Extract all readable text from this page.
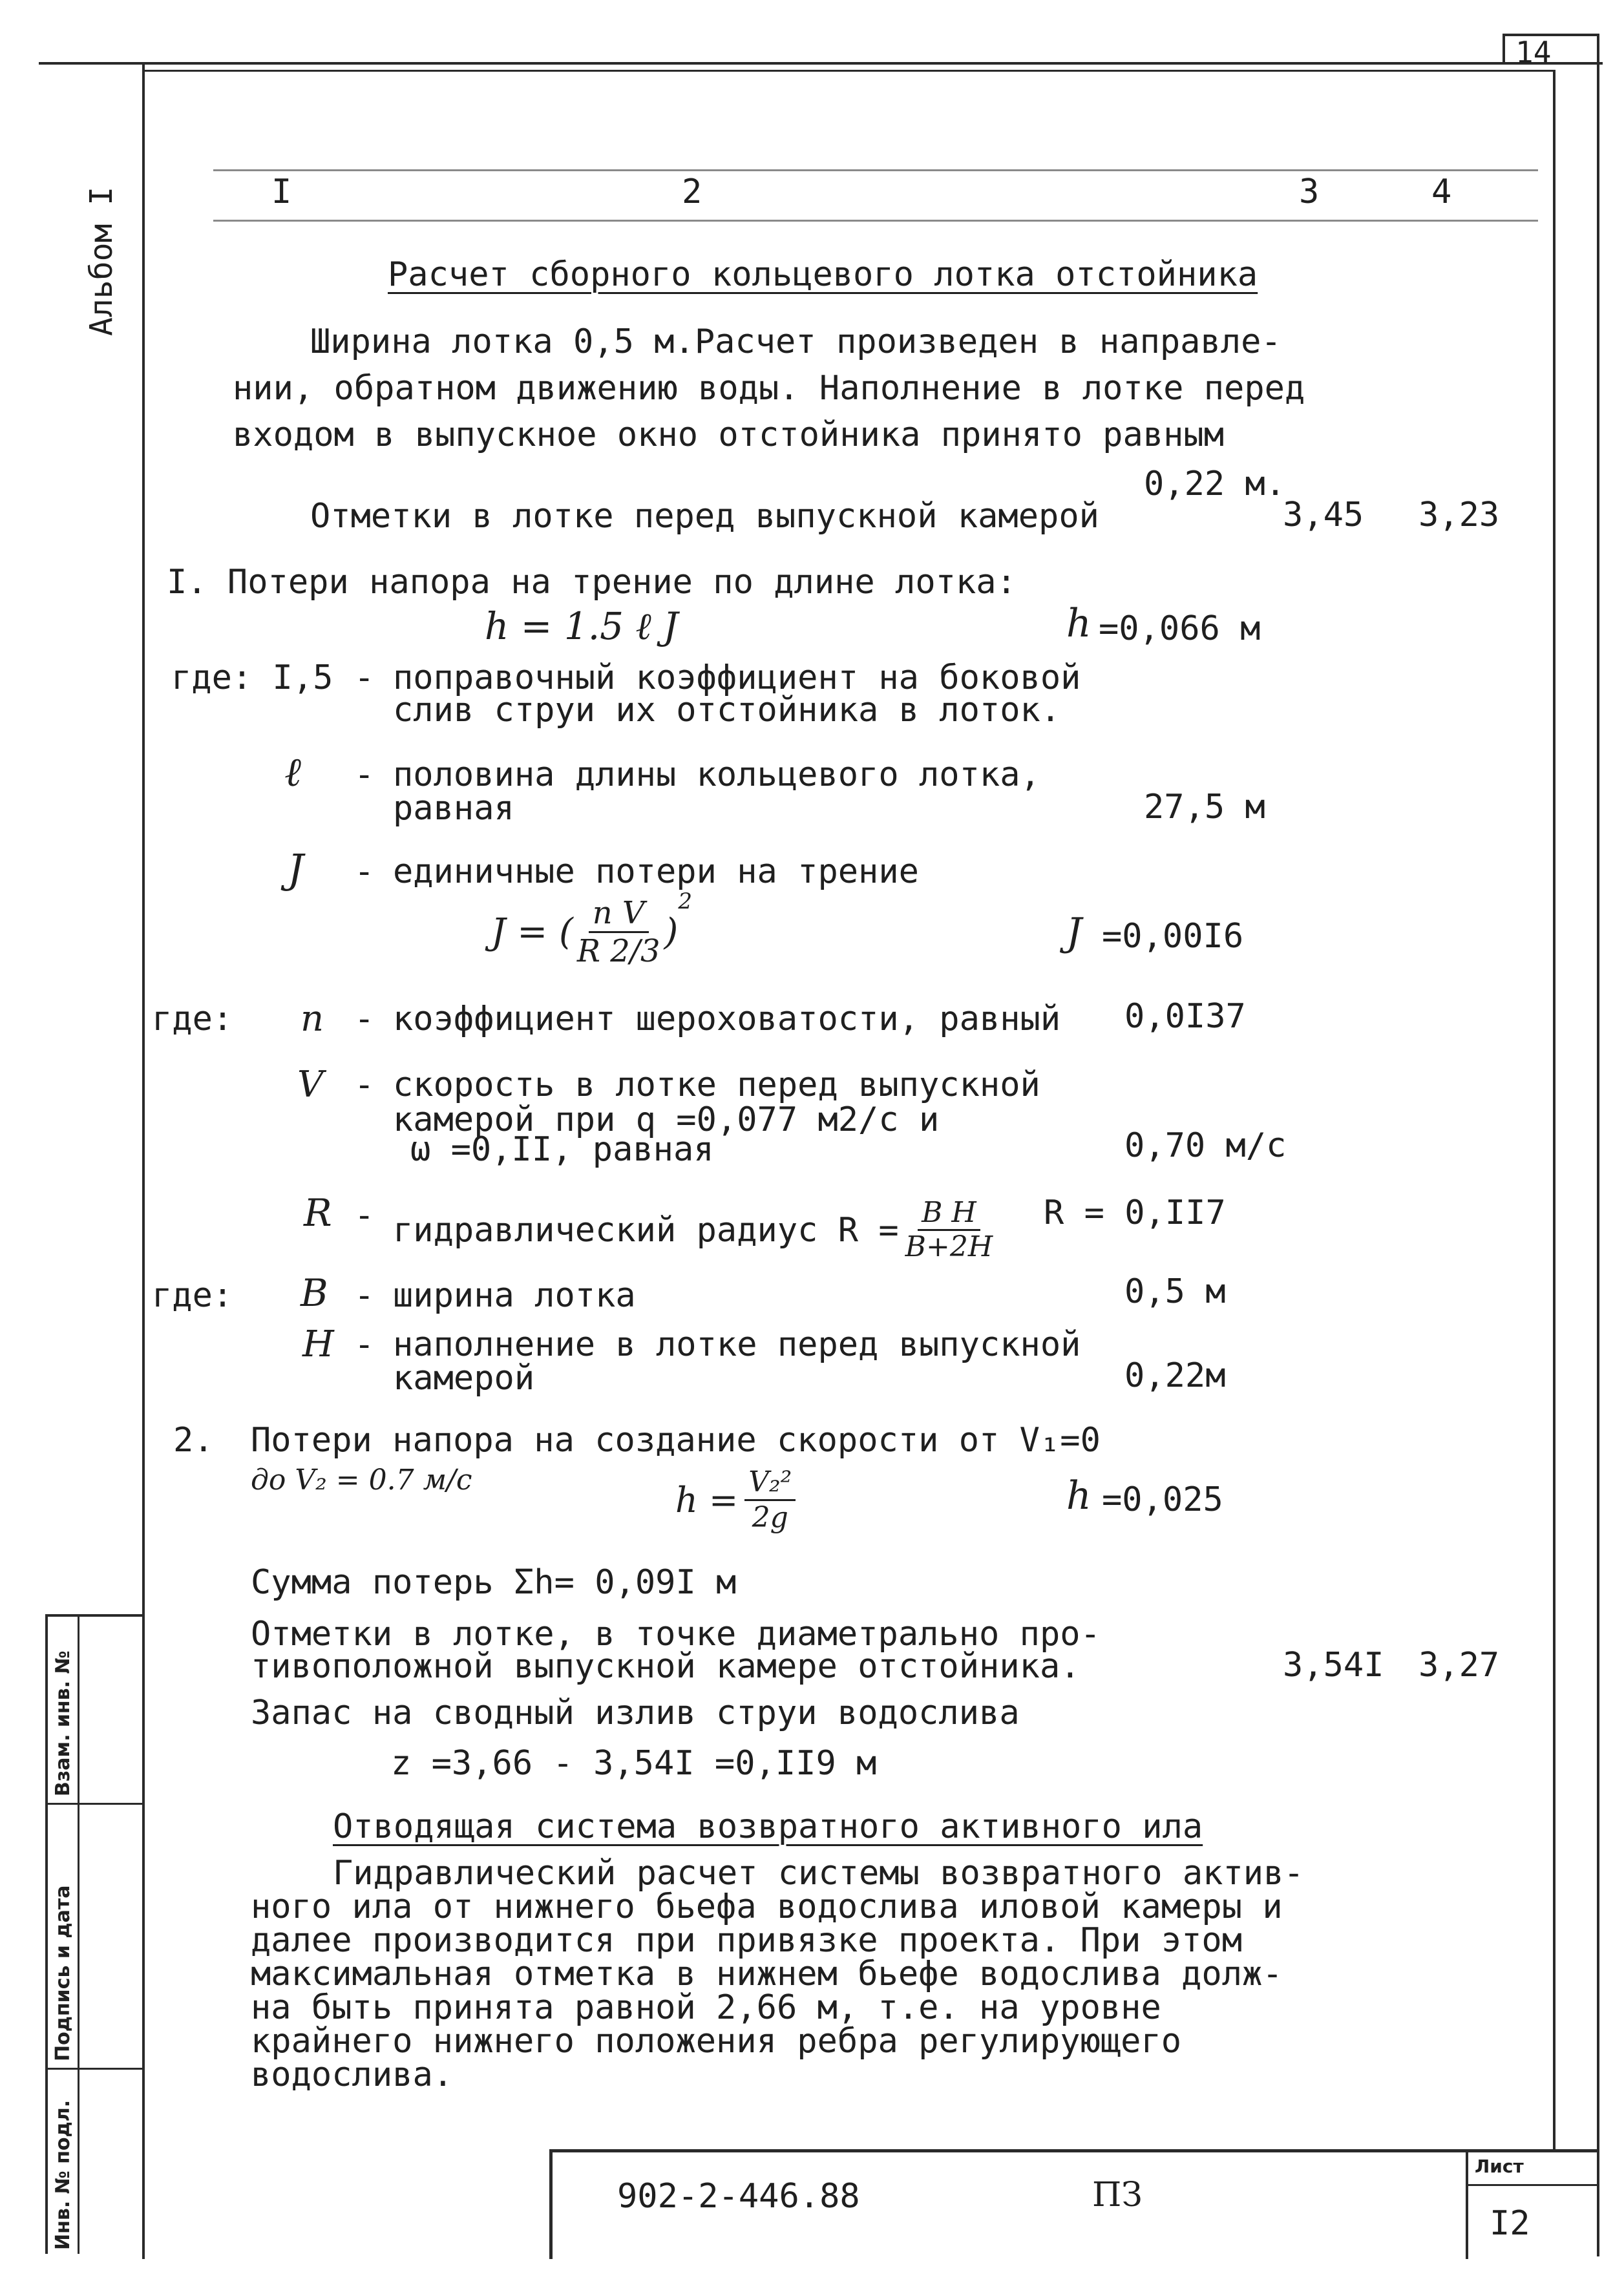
14
Альбом I	I	2	3	4
Расчет сборного кольцевого лотка отстойника
Ширина лотка 0,5 м.Расчет произведен в направле-
нии, обратном движению воды. Наполнение в лотке перед
входом в выпускное окно отстойника принято равным
0,22 м.
Отметки в лотке перед выпускной камерой	3,45 3,23
I. Потери напора на трение по длине лотка:
h = 1.5 ℓ J	h =0,066 м
где: I,5 - поправочный коэффициент на боковой
слив струи их отстойника в лоток.
ℓ - половина длины кольцевого лотка,
равная	27,5 м
J - единичные потери на трение
J = ( $\frac{\text{n V}}{R 2/3}$ )
2
J =0,00I6
где: n - коэффициент шероховатости, равный 0,0I37
V - скорость в лотке перед выпускной
камерой при q =0,077 м2/с и
ω =0,II, равная	0,70 м/с
R - гидравлический радиус $R = \frac{\text{B H}}{B+2H}$ R = 0,II7
где: B - ширина лотка	0,5 м
H - наполнение в лотке перед выпускной
камерой	0,22м
2. Потери напора на создание скорости от V₁=0
до V₂ = 0.7 м/с	$h = \frac{\text{V₂²}}{2g}$	h =0,025
Сумма потерь Σh= 0,09I м
Отметки в лотке, в точке диаметрально про-
тивоположной выпускной камере отстойника.	3,54I 3,27
Запас на сводный излив струи водослива
z =3,66 - 3,54I =0,II9 м
Отводящая система возвратного активного ила
Гидравлический расчет системы возвратного актив-
ного ила от нижнего бьефа водослива иловой камеры и
далее производится при привязке проекта. При этом
максимальная отметка в нижнем бьефе водослива долж-
на быть принята равной 2,66 м, т.е. на уровне
крайнего нижнего положения ребра регулирующего
водослива.
Взам. инв. №
Подпись и дата
Инв. № подл.	902-2-446.88	ПЗ
Лист
I2
